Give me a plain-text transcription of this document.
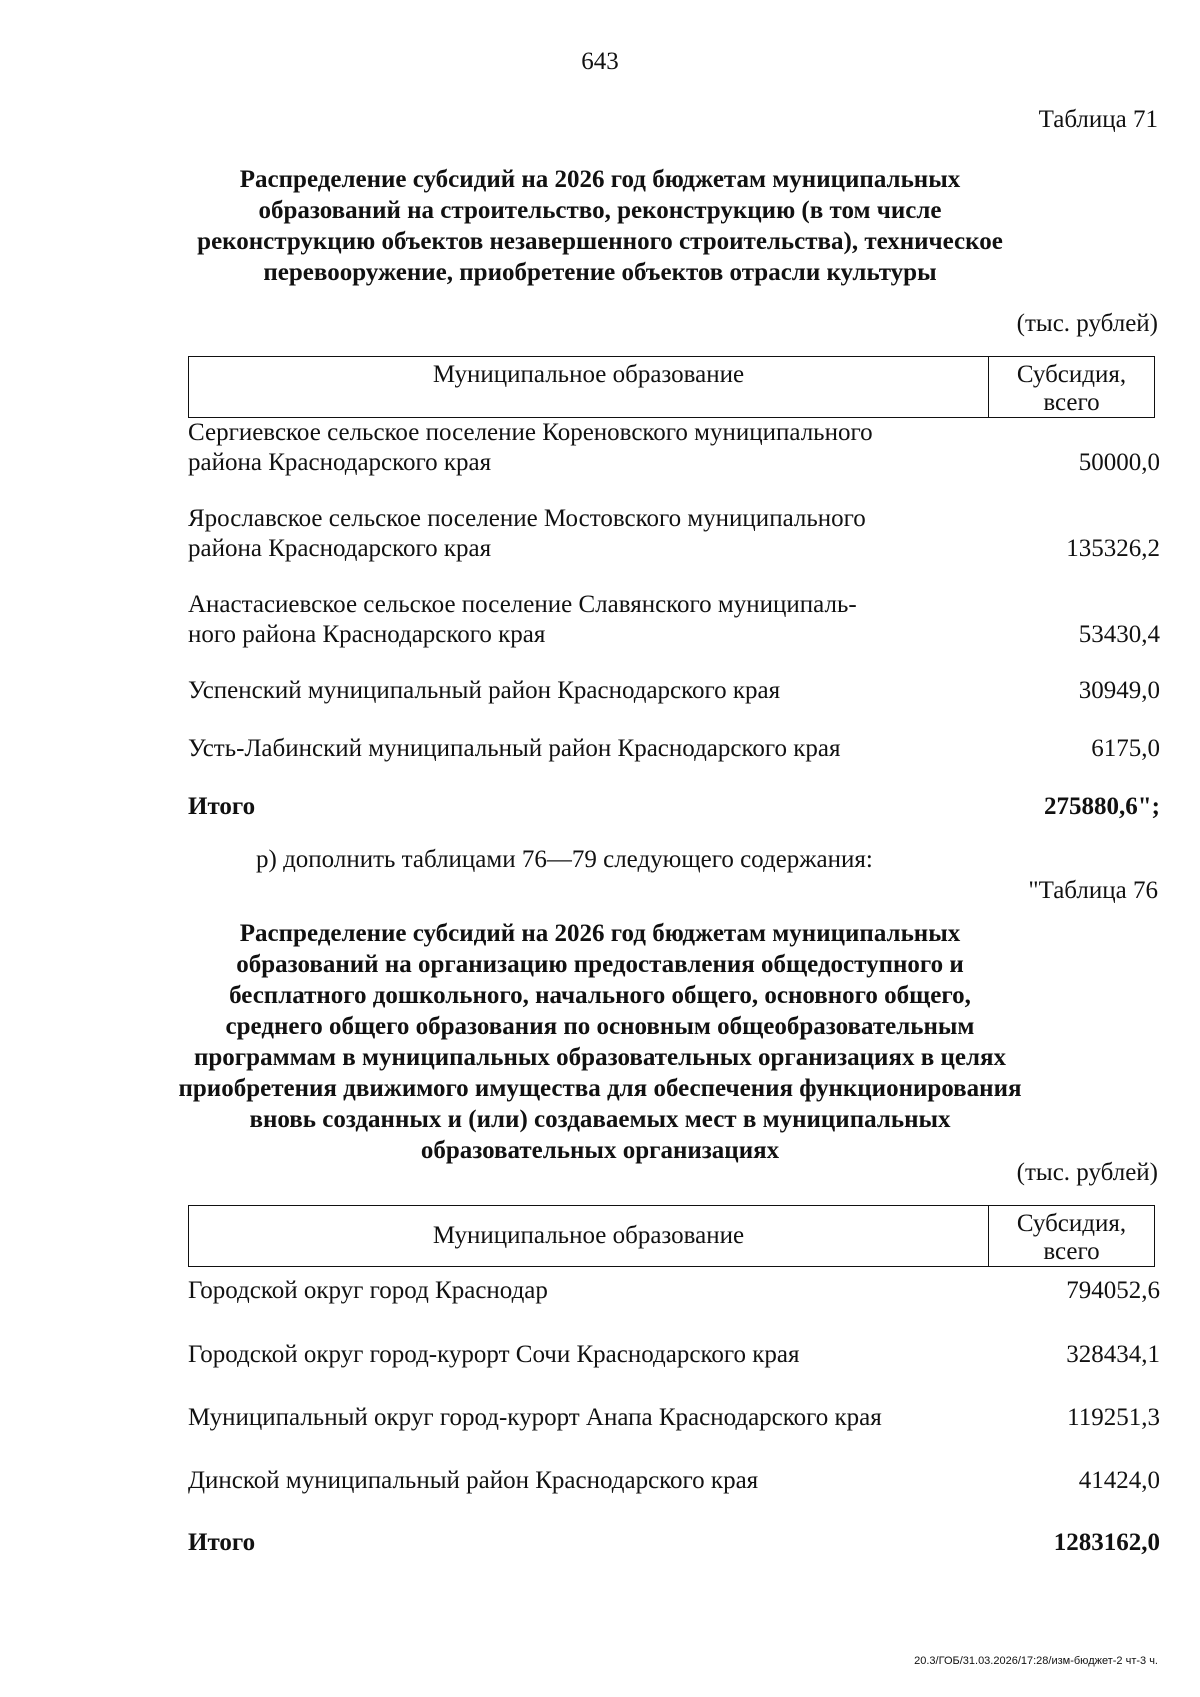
643
Таблица 71
Распределение субсидий на 2026 год бюджетам муниципальных
образований на строительство, реконструкцию (в том числе
реконструкцию объектов незавершенного строительства), техническое
перевооружение, приобретение объектов отрасли культуры
(тыс. рублей)
Муниципальное образование	Субсидия,
всего
Сергиевское сельское поселение Кореновского муниципального
района Краснодарского края	50000,0
Ярославское сельское поселение Мостовского муниципального
района Краснодарского края	135326,2
Анастасиевское сельское поселение Славянского муниципаль-
ного района Краснодарского края	53430,4
Успенский муниципальный район Краснодарского края	30949,0
Усть-Лабинский муниципальный район Краснодарского края	6175,0
Итого	275880,6";
р) дополнить таблицами 76—79 следующего содержания:
"Таблица 76
Распределение субсидий на 2026 год бюджетам муниципальных
образований на организацию предоставления общедоступного и
бесплатного дошкольного, начального общего, основного общего,
среднего общего образования по основным общеобразовательным
программам в муниципальных образовательных организациях в целях
приобретения движимого имущества для обеспечения функционирования
вновь созданных и (или) создаваемых мест в муниципальных
образовательных организациях
(тыс. рублей)
Муниципальное образование	Субсидия,
всего
Городской округ город Краснодар	794052,6
Городской округ город-курорт Сочи Краснодарского края	328434,1
Муниципальный округ город-курорт Анапа Краснодарского края	119251,3
Динской муниципальный район Краснодарского края	41424,0
Итого	1283162,0
20.3/ГОБ/31.03.2026/17:28/изм-бюджет-2 чт-3 ч.
